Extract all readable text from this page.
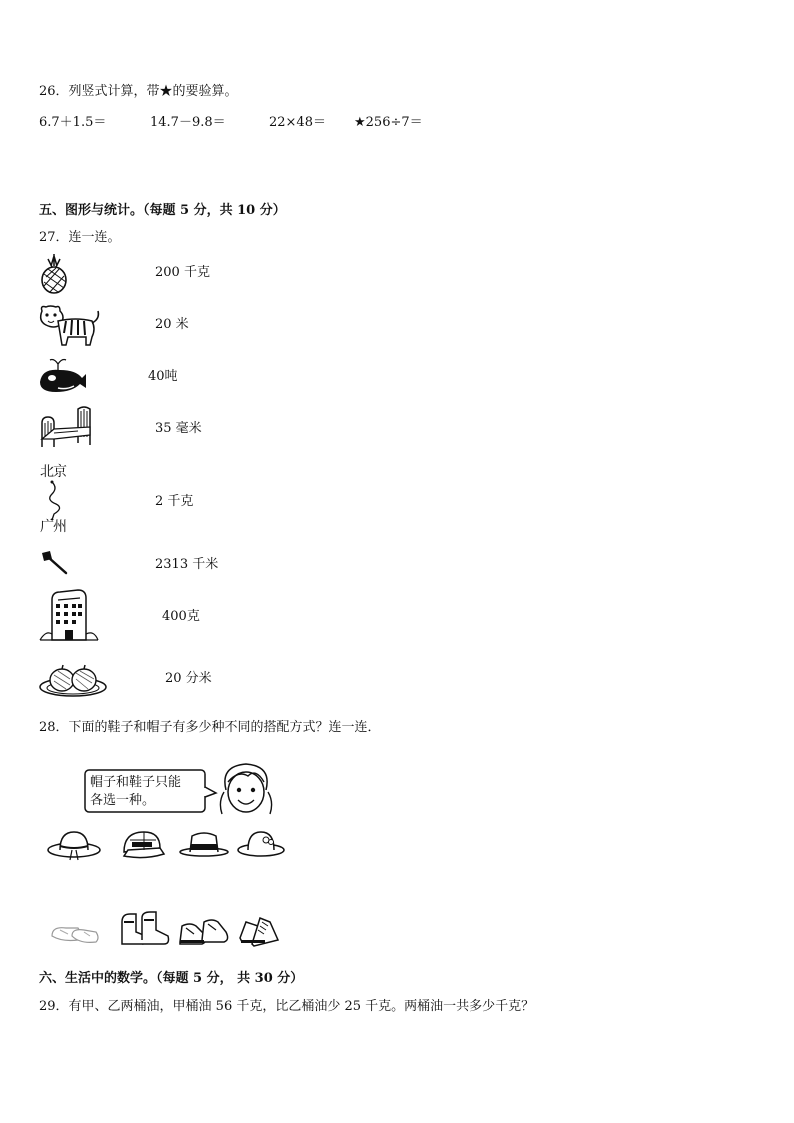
26．列竖式计算，带★的要验算。
6.7＋1.5＝	14.7－9.8＝	22×48＝ ★256÷7＝
五、图形与统计。（每题 5 分，共 10 分）
27．连一连。
北京
广州
200 千克
20 米
40吨
35 毫米
2 千克
2313 千米
400克
20 分米
28．下面的鞋子和帽子有多少种不同的搭配方式？连一连．
帽子和鞋子只能
各选一种。
六、生活中的数学。（每题 5 分， 共 30 分）
29．有甲、乙两桶油，甲桶油 56 千克，比乙桶油少 25 千克。两桶油一共多少千克？
